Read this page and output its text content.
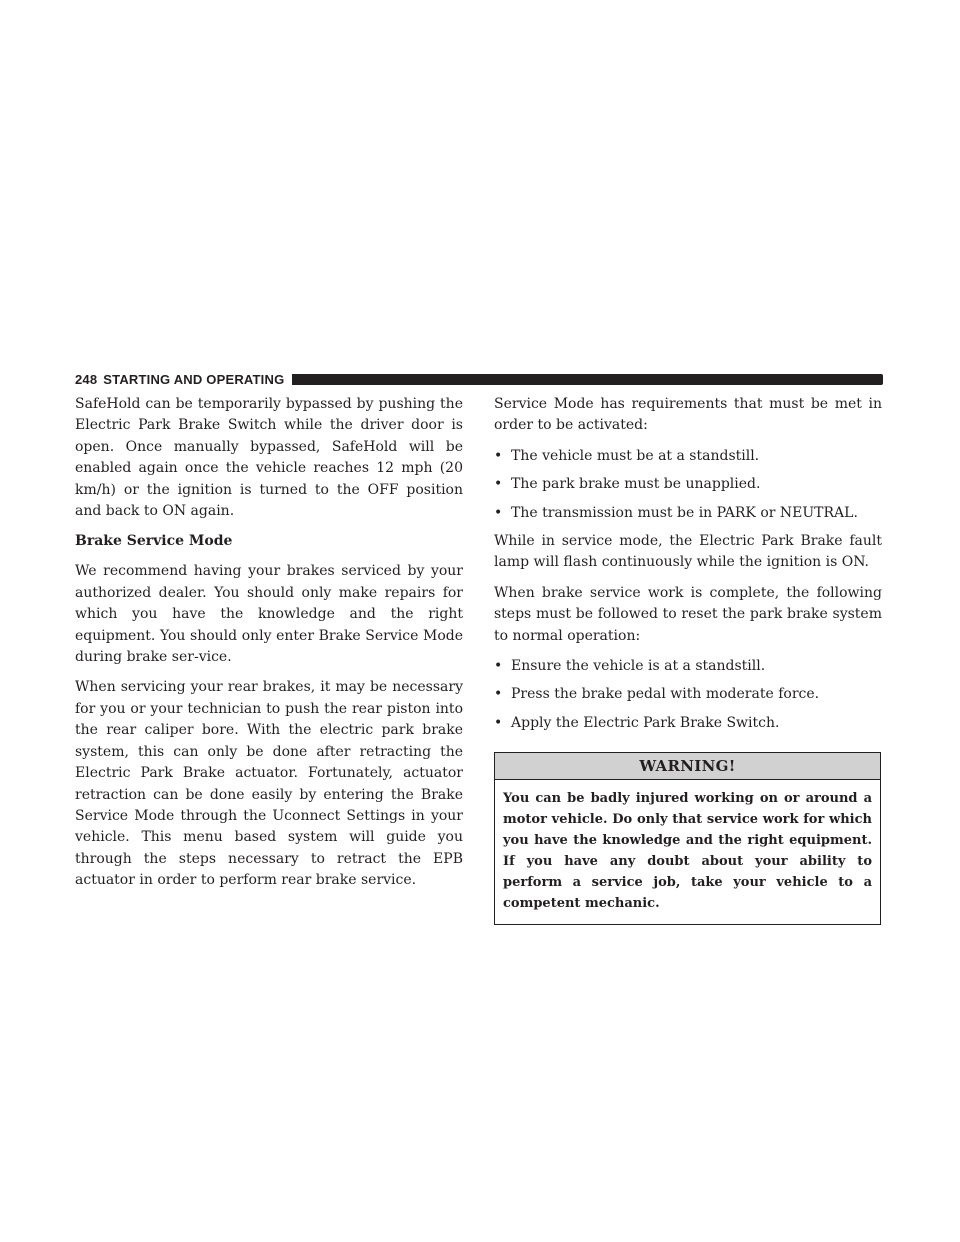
248 STARTING AND OPERATING

SafeHold can be temporarily bypassed by pushing the Electric Park Brake Switch while the driver door is open. Once manually bypassed, SafeHold will be enabled again once the vehicle reaches 12 mph (20 km/h) or the ignition is turned to the OFF position and back to ON again.

Brake Service Mode

We recommend having your brakes serviced by your authorized dealer. You should only make repairs for which you have the knowledge and the right equipment. You should only enter Brake Service Mode during brake ser-vice.

When servicing your rear brakes, it may be necessary for you or your technician to push the rear piston into the rear caliper bore. With the electric park brake system, this can only be done after retracting the Electric Park Brake actuator. Fortunately, actuator retraction can be done easily by entering the Brake Service Mode through the Uconnect Settings in your vehicle. This menu based system will guide you through the steps necessary to retract the EPB actuator in order to perform rear brake service.

Service Mode has requirements that must be met in order to be activated:

• The vehicle must be at a standstill.
• The park brake must be unapplied.
• The transmission must be in PARK or NEUTRAL.

While in service mode, the Electric Park Brake fault lamp will flash continuously while the ignition is ON.

When brake service work is complete, the following steps must be followed to reset the park brake system to normal operation:

• Ensure the vehicle is at a standstill.
• Press the brake pedal with moderate force.
• Apply the Electric Park Brake Switch.
WARNING!
You can be badly injured working on or around a motor vehicle. Do only that service work for which you have the knowledge and the right equipment. If you have any doubt about your ability to perform a service job, take your vehicle to a competent mechanic.
